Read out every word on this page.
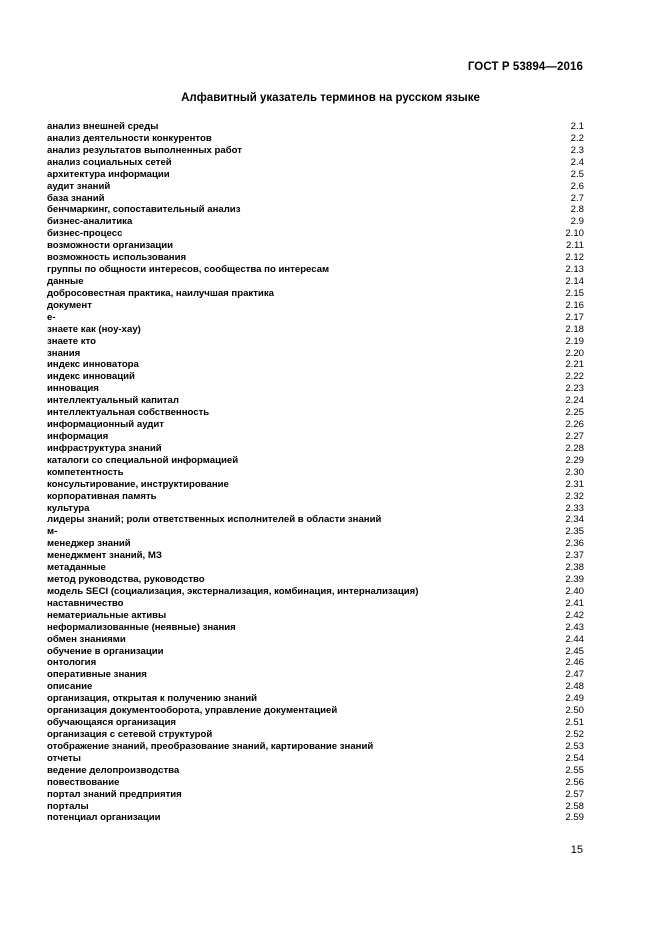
ГОСТ Р 53894—2016
Алфавитный указатель терминов на русском языке
анализ внешней среды	2.1
анализ деятельности конкурентов	2.2
анализ результатов выполненных работ	2.3
анализ социальных сетей	2.4
архитектура информации	2.5
аудит знаний	2.6
база знаний	2.7
бенчмаркинг, сопоставительный анализ	2.8
бизнес-аналитика	2.9
бизнес-процесс	2.10
возможности организации	2.11
возможность использования	2.12
группы по общности интересов, сообщества по интересам	2.13
данные	2.14
добросовестная практика, наилучшая практика	2.15
документ	2.16
е-	2.17
знаете как (ноу-хау)	2.18
знаете кто	2.19
знания	2.20
индекс инноватора	2.21
индекс инноваций	2.22
инновация	2.23
интеллектуальный капитал	2.24
интеллектуальная собственность	2.25
информационный аудит	2.26
информация	2.27
инфраструктура знаний	2.28
каталоги со специальной информацией	2.29
компетентность	2.30
консультирование, инструктирование	2.31
корпоративная память	2.32
культура	2.33
лидеры знаний; роли ответственных исполнителей в области знаний	2.34
м-	2.35
менеджер знаний	2.36
менеджмент знаний, МЗ	2.37
метаданные	2.38
метод руководства, руководство	2.39
модель SECI (социализация, экстернализация, комбинация, интернализация)	2.40
наставничество	2.41
нематериальные активы	2.42
неформализованные (неявные) знания	2.43
обмен знаниями	2.44
обучение в организации	2.45
онтология	2.46
оперативные знания	2.47
описание	2.48
организация, открытая к получению знаний	2.49
организация документооборота, управление документацией	2.50
обучающаяся организация	2.51
организация с сетевой структурой	2.52
отображение знаний, преобразование знаний, картирование знаний	2.53
отчеты	2.54
ведение делопроизводства	2.55
повествование	2.56
портал знаний предприятия	2.57
порталы	2.58
потенциал организации	2.59
15
